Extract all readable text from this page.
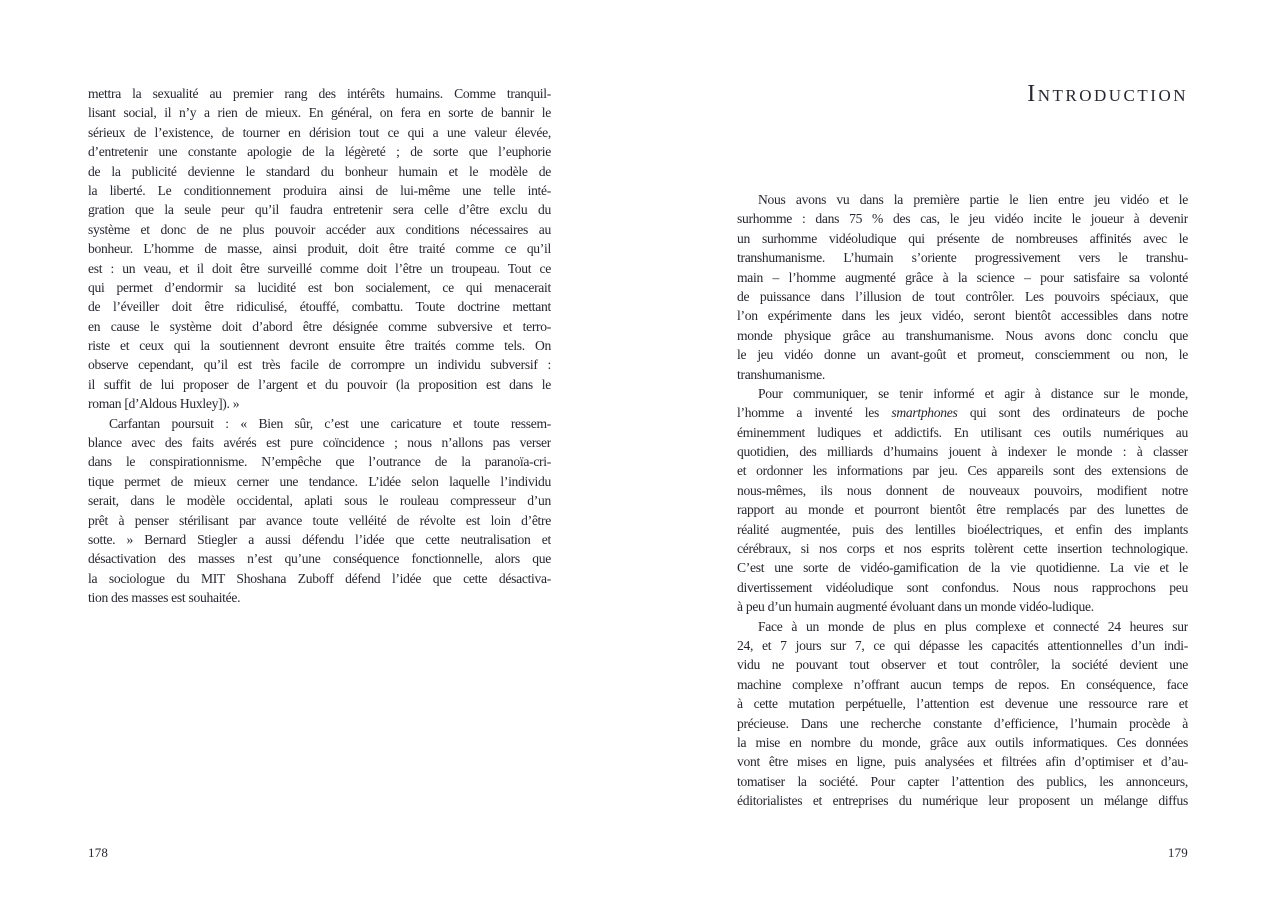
mettra la sexualité au premier rang des intérêts humains. Comme tranquil-
lisant social, il n’y a rien de mieux. En général, on fera en sorte de bannir le
sérieux de l’existence, de tourner en dérision tout ce qui a une valeur élevée,
d’entretenir une constante apologie de la légèreté ; de sorte que l’euphorie
de la publicité devienne le standard du bonheur humain et le modèle de
la liberté. Le conditionnement produira ainsi de lui-même une telle inté-
gration que la seule peur qu’il faudra entretenir sera celle d’être exclu du
système et donc de ne plus pouvoir accéder aux conditions nécessaires au
bonheur. L’homme de masse, ainsi produit, doit être traité comme ce qu’il
est : un veau, et il doit être surveillé comme doit l’être un troupeau. Tout ce
qui permet d’endormir sa lucidité est bon socialement, ce qui menacerait
de l’éveiller doit être ridiculisé, étouffé, combattu. Toute doctrine mettant
en cause le système doit d’abord être désignée comme subversive et terro-
riste et ceux qui la soutiennent devront ensuite être traités comme tels. On
observe cependant, qu’il est très facile de corrompre un individu subversif :
il suffit de lui proposer de l’argent et du pouvoir (la proposition est dans le
roman [d’Aldous Huxley]). »
Carfantan poursuit : « Bien sûr, c’est une caricature et toute ressem-
blance avec des faits avérés est pure coïncidence ; nous n’allons pas verser
dans le conspirationnisme. N’empêche que l’outrance de la paranoïa-cri-
tique permet de mieux cerner une tendance. L’idée selon laquelle l’individu
serait, dans le modèle occidental, aplati sous le rouleau compresseur d’un
prêt à penser stérilisant par avance toute velléité de révolte est loin d’être
sotte. » Bernard Stiegler a aussi défendu l’idée que cette neutralisation et
désactivation des masses n’est qu’une conséquence fonctionnelle, alors que
la sociologue du MIT Shoshana Zuboff défend l’idée que cette désactiva-
tion des masses est souhaitée.
178
Introduction
Nous avons vu dans la première partie le lien entre jeu vidéo et le
surhomme : dans 75 % des cas, le jeu vidéo incite le joueur à devenir
un surhomme vidéoludique qui présente de nombreuses affinités avec le
transhumanisme. L’humain s’oriente progressivement vers le transhu-
main – l’homme augmenté grâce à la science – pour satisfaire sa volonté
de puissance dans l’illusion de tout contrôler. Les pouvoirs spéciaux, que
l’on expérimente dans les jeux vidéo, seront bientôt accessibles dans notre
monde physique grâce au transhumanisme. Nous avons donc conclu que
le jeu vidéo donne un avant-goût et promeut, consciemment ou non, le
transhumanisme.
Pour communiquer, se tenir informé et agir à distance sur le monde,
l’homme a inventé les smartphones qui sont des ordinateurs de poche
éminemment ludiques et addictifs. En utilisant ces outils numériques au
quotidien, des milliards d’humains jouent à indexer le monde : à classer
et ordonner les informations par jeu. Ces appareils sont des extensions de
nous-mêmes, ils nous donnent de nouveaux pouvoirs, modifient notre
rapport au monde et pourront bientôt être remplacés par des lunettes de
réalité augmentée, puis des lentilles bioélectriques, et enfin des implants
cérébraux, si nos corps et nos esprits tolèrent cette insertion technologique.
C’est une sorte de vidéo-gamification de la vie quotidienne. La vie et le
divertissement vidéoludique sont confondus. Nous nous rapprochons peu
à peu d’un humain augmenté évoluant dans un monde vidéo-ludique.
Face à un monde de plus en plus complexe et connecté 24 heures sur
24, et 7 jours sur 7, ce qui dépasse les capacités attentionnelles d’un indi-
vidu ne pouvant tout observer et tout contrôler, la société devient une
machine complexe n’offrant aucun temps de repos. En conséquence, face
à cette mutation perpétuelle, l’attention est devenue une ressource rare et
précieuse. Dans une recherche constante d’efficience, l’humain procède à
la mise en nombre du monde, grâce aux outils informatiques. Ces données
vont être mises en ligne, puis analysées et filtrées afin d’optimiser et d’au-
tomatiser la société. Pour capter l’attention des publics, les annonceurs,
éditorialistes et entreprises du numérique leur proposent un mélange diffus
179
